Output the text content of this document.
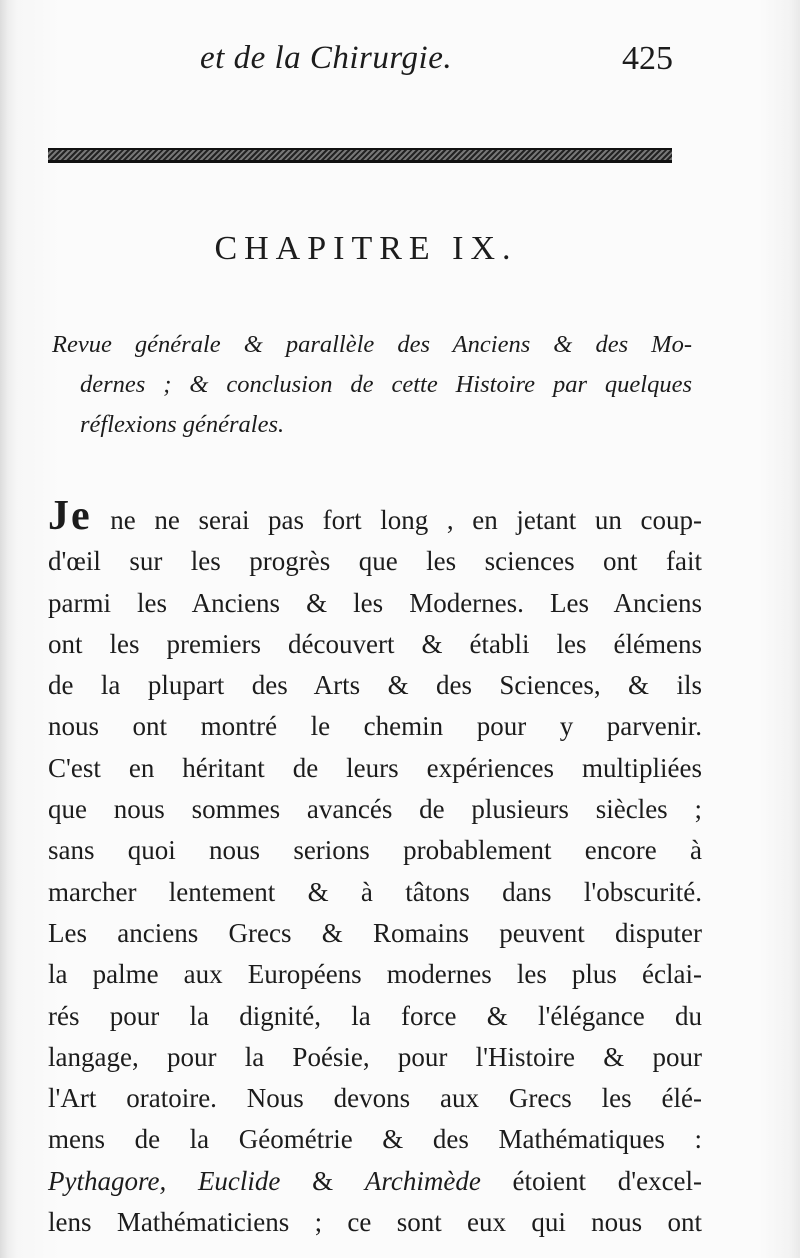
et de la Chirurgie.	425
CHAPITRE IX.
Revue générale & parallèle des Anciens & des Mo-
dernes ; & conclusion de cette Histoire par quelques
réflexions générales.
Je ne ne serai pas fort long , en jetant un coup-
d'œil sur les progrès que les sciences ont fait
parmi les Anciens & les Modernes. Les Anciens
ont les premiers découvert & établi les élémens
de la plupart des Arts & des Sciences, & ils
nous ont montré le chemin pour y parvenir.
C'est en héritant de leurs expériences multipliées
que nous sommes avancés de plusieurs siècles ;
sans quoi nous serions probablement encore à
marcher lentement & à tâtons dans l'obscurité.
Les anciens Grecs & Romains peuvent disputer
la palme aux Européens modernes les plus éclai-
rés pour la dignité, la force & l'élégance du
langage, pour la Poésie, pour l'Histoire & pour
l'Art oratoire. Nous devons aux Grecs les élé-
mens de la Géométrie & des Mathématiques :
Pythagore, Euclide & Archimède étoient d'excel-
lens Mathématiciens ; ce sont eux qui nous ont
